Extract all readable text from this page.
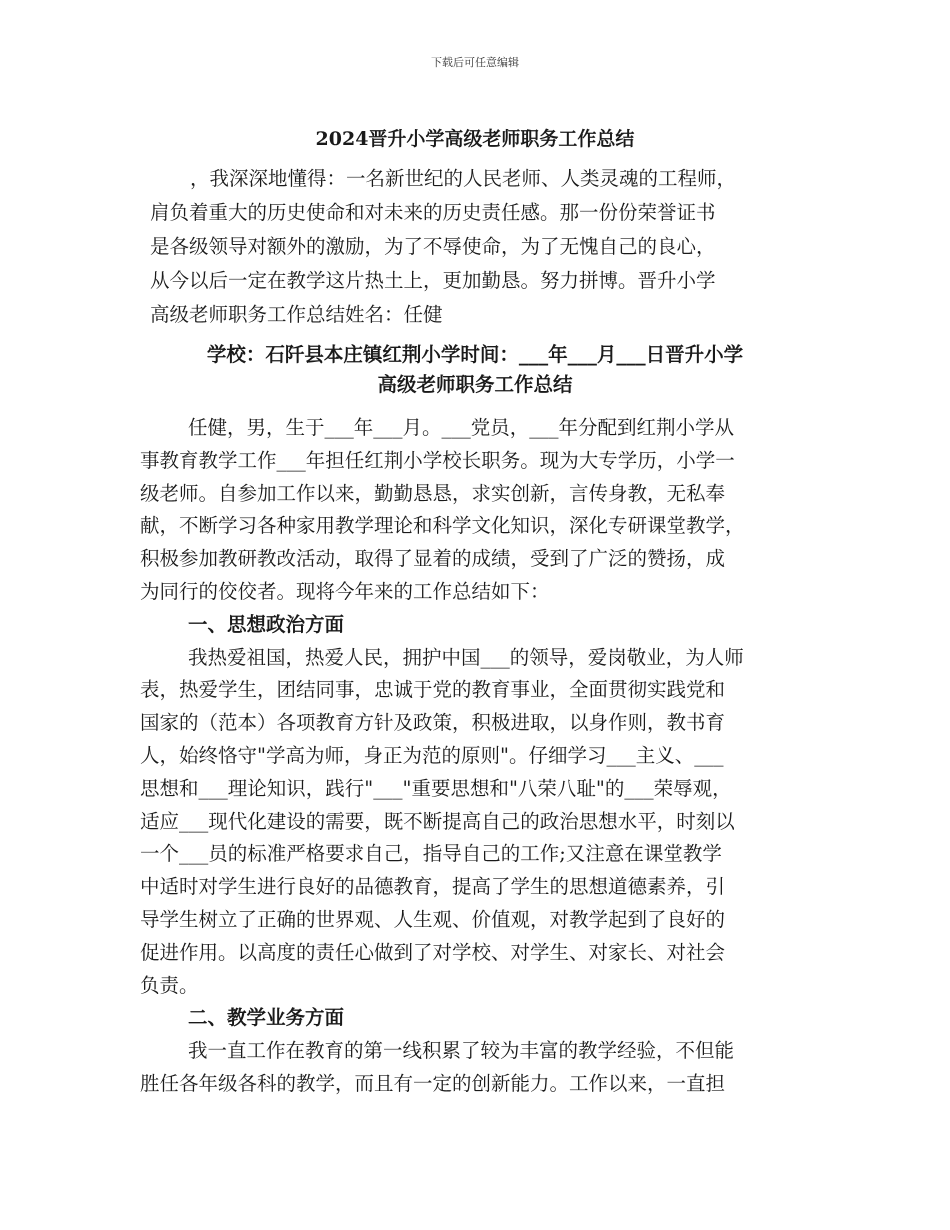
下载后可任意编辑
2024晋升小学高级老师职务工作总结
，我深深地懂得：一名新世纪的人民老师、人类灵魂的工程师，
肩负着重大的历史使命和对未来的历史责任感。那一份份荣誉证书
是各级领导对额外的激励，为了不辱使命，为了无愧自己的良心，
从今以后一定在教学这片热土上，更加勤恳。努力拼博。晋升小学
高级老师职务工作总结姓名：任健
学校：石阡县本庄镇红荆小学时间：___年___月___日晋升小学
高级老师职务工作总结
任健，男，生于___年___月。___党员，___年分配到红荆小学从
事教育教学工作___年担任红荆小学校长职务。现为大专学历，小学一
级老师。自参加工作以来，勤勤恳恳，求实创新，言传身教，无私奉
献，不断学习各种家用教学理论和科学文化知识，深化专研课堂教学，
积极参加教研教改活动，取得了显着的成绩，受到了广泛的赞扬，成
为同行的佼佼者。现将今年来的工作总结如下：
一、思想政治方面
我热爱祖国，热爱人民，拥护中国___的领导，爱岗敬业，为人师
表，热爱学生，团结同事，忠诚于党的教育事业，全面贯彻实践党和
国家的（范本）各项教育方针及政策，积极进取，以身作则，教书育
人，始终恪守"学高为师，身正为范的原则"。仔细学习___主义、___
思想和___理论知识，践行"___"重要思想和"八荣八耻"的___荣辱观，
适应___现代化建设的需要，既不断提高自己的政治思想水平，时刻以
一个___员的标准严格要求自己，指导自己的工作;又注意在课堂教学
中适时对学生进行良好的品德教育，提高了学生的思想道德素养，引
导学生树立了正确的世界观、人生观、价值观，对教学起到了良好的
促进作用。以高度的责任心做到了对学校、对学生、对家长、对社会
负责。
二、教学业务方面
我一直工作在教育的第一线积累了较为丰富的教学经验，不但能
胜任各年级各科的教学，而且有一定的创新能力。工作以来，一直担
